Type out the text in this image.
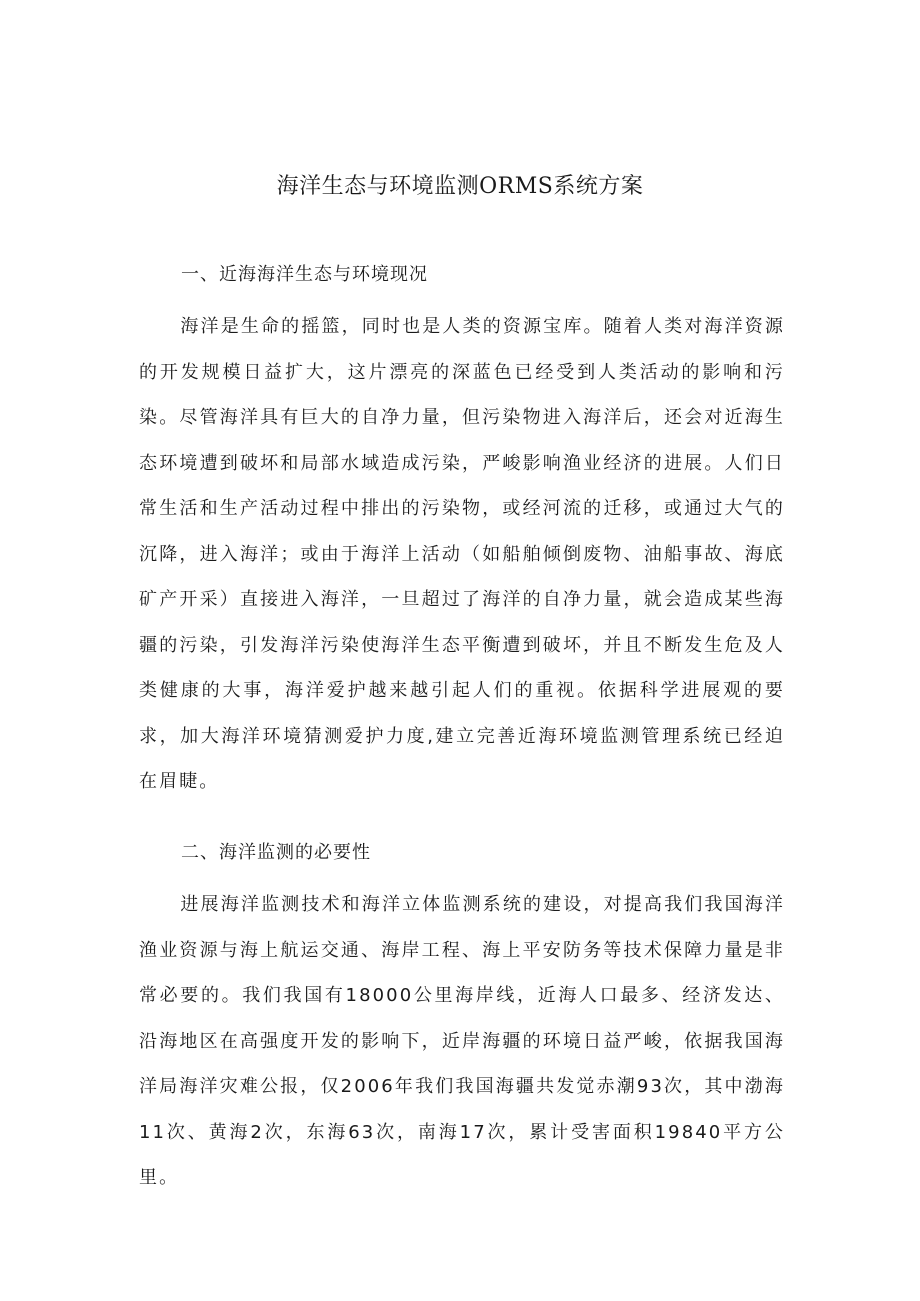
海洋生态与环境监测ORMS系统方案
一、近海海洋生态与环境现况

海洋是生命的摇篮，同时也是人类的资源宝库。随着人类对海洋资源的开发规模日益扩大，这片漂亮的深蓝色已经受到人类活动的影响和污染。尽管海洋具有巨大的自净力量，但污染物进入海洋后，还会对近海生态环境遭到破坏和局部水域造成污染，严峻影响渔业经济的进展。人们日常生活和生产活动过程中排出的污染物，或经河流的迁移，或通过大气的沉降，进入海洋；或由于海洋上活动（如船舶倾倒废物、油船事故、海底矿产开采）直接进入海洋，一旦超过了海洋的自净力量，就会造成某些海疆的污染，引发海洋污染使海洋生态平衡遭到破坏，并且不断发生危及人类健康的大事，海洋爱护越来越引起人们的重视。依据科学进展观的要求，加大海洋环境猜测爱护力度,建立完善近海环境监测管理系统已经迫在眉睫。

二、海洋监测的必要性

进展海洋监测技术和海洋立体监测系统的建设，对提高我们我国海洋渔业资源与海上航运交通、海岸工程、海上平安防务等技术保障力量是非常必要的。我们我国有18000公里海岸线，近海人口最多、经济发达、沿海地区在高强度开发的影响下，近岸海疆的环境日益严峻，依据我国海洋局海洋灾难公报，仅2006年我们我国海疆共发觉赤潮93次，其中渤海11次、黄海2次，东海63次，南海17次，累计受害面积19840平方公里。
